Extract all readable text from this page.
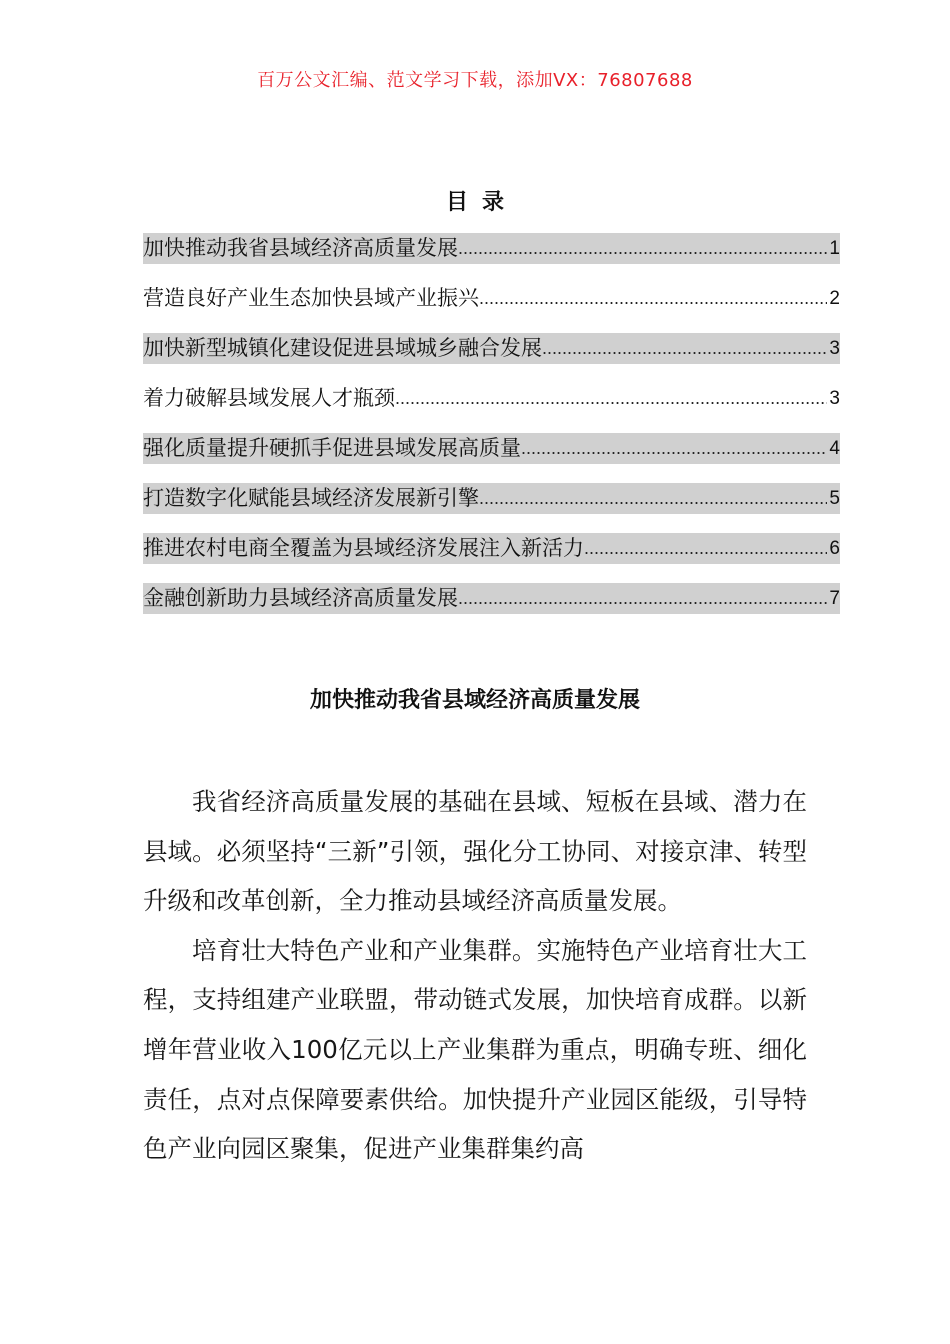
百万公文汇编、范文学习下载，添加VX：76807688
目录
加快推动我省县域经济高质量发展 .....	1
营造良好产业生态加快县域产业振兴 .....	2
加快新型城镇化建设促进县域城乡融合发展 .....	3
着力破解县域发展人才瓶颈 .....	3
强化质量提升硬抓手促进县域发展高质量 .....	4
打造数字化赋能县域经济发展新引擎 .....	5
推进农村电商全覆盖为县域经济发展注入新活力 .....	6
金融创新助力县域经济高质量发展 .....	7
加快推动我省县域经济高质量发展

我省经济高质量发展的基础在县域、短板在县域、潜力在县域。必须坚持“三新”引领，强化分工协同、对接京津、转型升级和改革创新，全力推动县域经济高质量发展。

培育壮大特色产业和产业集群。实施特色产业培育壮大工程，支持组建产业联盟，带动链式发展，加快培育成群。以新增年营业收入100亿元以上产业集群为重点，明确专班、细化责任，点对点保障要素供给。加快提升产业园区能级，引导特色产业向园区聚集，促进产业集群集约高
